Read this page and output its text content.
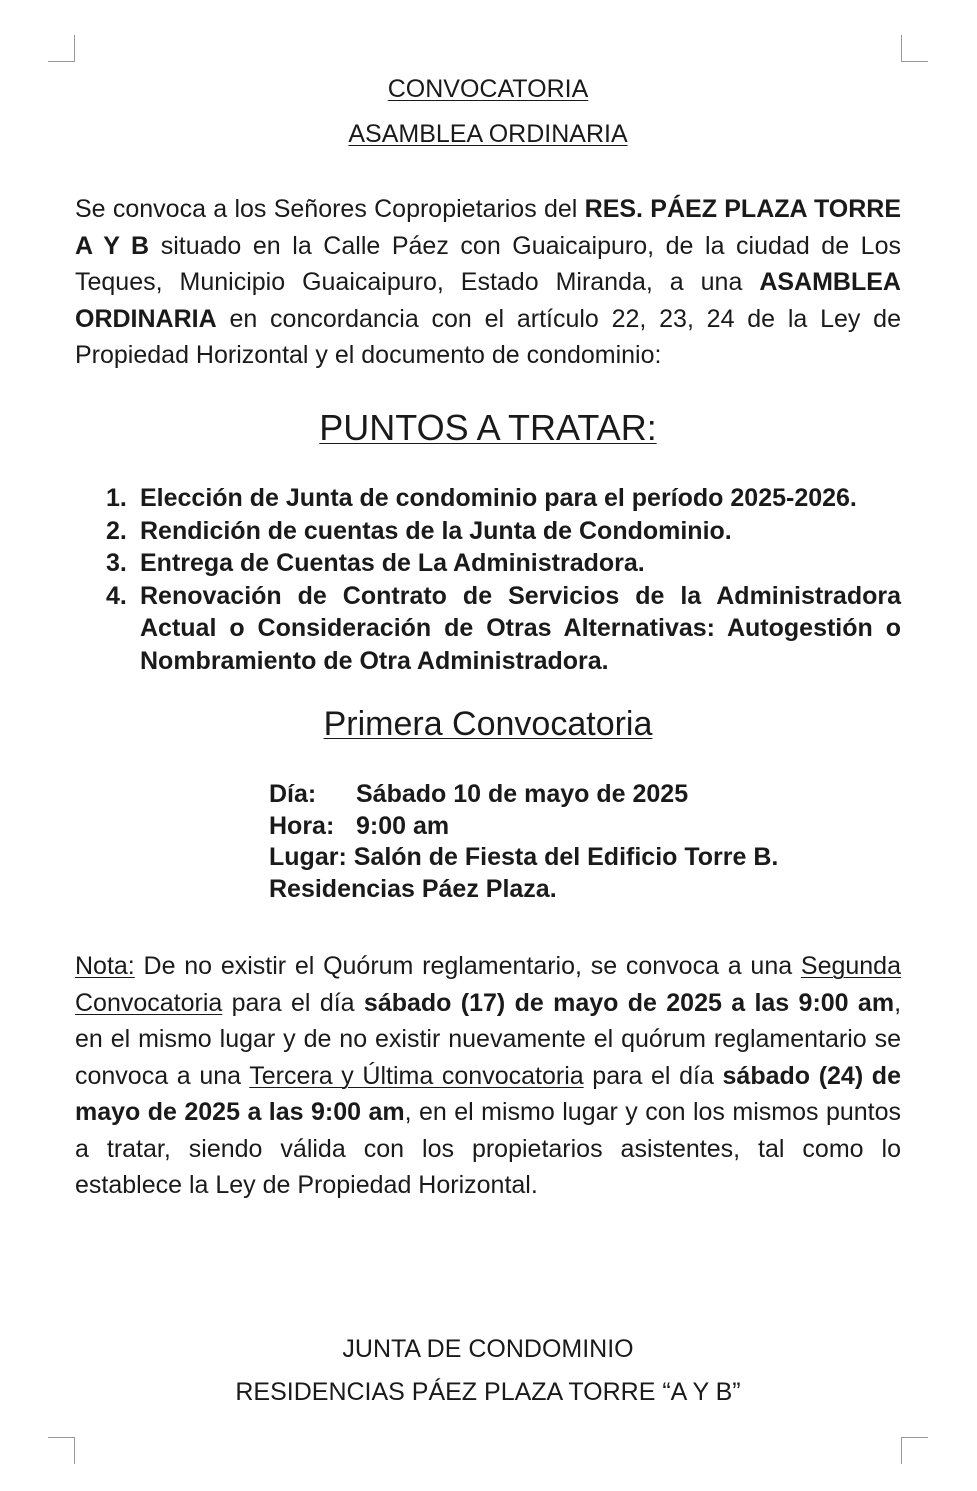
CONVOCATORIA
ASAMBLEA ORDINARIA

Se convoca a los Señores Copropietarios del RES. PÁEZ PLAZA TORRE A Y B situado en la Calle Páez con Guaicaipuro, de la ciudad de Los Teques, Municipio Guaicaipuro, Estado Miranda, a una ASAMBLEA ORDINARIA en concordancia con el artículo 22, 23, 24 de la Ley de Propiedad Horizontal y el documento de condominio:

PUNTOS A TRATAR:
1. Elección de Junta de condominio para el período 2025-2026.
2. Rendición de cuentas de la Junta de Condominio.
3. Entrega de Cuentas de La Administradora.
4. Renovación de Contrato de Servicios de la Administradora Actual o Consideración de Otras Alternativas: Autogestión o Nombramiento de Otra Administradora.
Primera Convocatoria
Día: Sábado 10 de mayo de 2025
Hora: 9:00 am
Lugar: Salón de Fiesta del Edificio Torre B.
Residencias Páez Plaza.

Nota: De no existir el Quórum reglamentario, se convoca a una Segunda Convocatoria para el día sábado (17) de mayo de 2025 a las 9:00 am, en el mismo lugar y de no existir nuevamente el quórum reglamentario se convoca a una Tercera y Última convocatoria para el día sábado (24) de mayo de 2025 a las 9:00 am, en el mismo lugar y con los mismos puntos a tratar, siendo válida con los propietarios asistentes, tal como lo establece la Ley de Propiedad Horizontal.

JUNTA DE CONDOMINIO
RESIDENCIAS PÁEZ PLAZA TORRE “A Y B”
